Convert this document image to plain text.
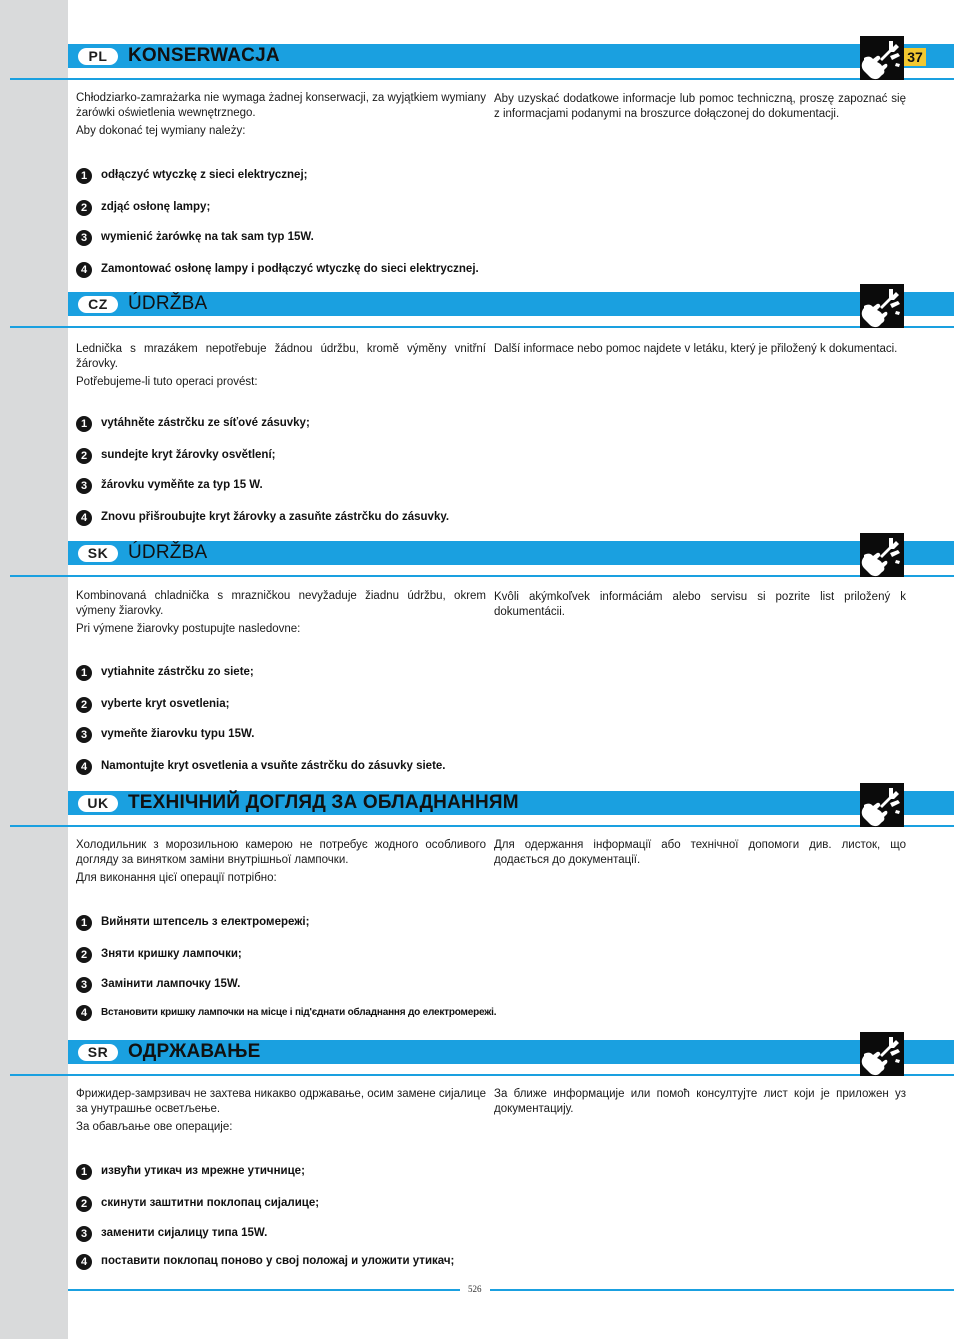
PL	KONSERWACJA	37

Chłodziarko-zamrażarka nie wymaga żadnej konserwacji, za wyjątkiem wymiany żarówki oświetlenia wewnętrznego.

Aby dokonać tej wymiany należy:

Aby uzyskać dodatkowe informacje lub pomoc techniczną, proszę zapoznać się z informacjami podanymi na broszurce dołączonej do dokumentacji.

1	odłączyć wtyczkę z sieci elektrycznej;
2	zdjąć osłonę lampy;
3	wymienić żarówkę na tak sam typ 15W.
4	Zamontować osłonę lampy i podłączyć wtyczkę do sieci elektrycznej.
CZ	ÚDRŽBA

Lednička s mrazákem nepotřebuje žádnou údržbu, kromě výměny vnitřní žárovky.

Potřebujeme-li tuto operaci provést:

Další informace nebo pomoc najdete v letáku, který je přiložený k dokumentaci.

1	vytáhněte zástrčku ze síťové zásuvky;
2	sundejte kryt žárovky osvětlení;
3	žárovku vyměňte za typ 15 W.
4	Znovu přišroubujte kryt žárovky a zasuňte zástrčku do zásuvky.
SK	ÚDRŽBA

Kombinovaná chladnička s mrazničkou nevyžaduje žiadnu údržbu, okrem výmeny žiarovky.

Pri výmene žiarovky postupujte nasledovne:

Kvôli akýmkoľvek informáciám alebo servisu si pozrite list priložený k dokumentácii.

1	vytiahnite zástrčku zo siete;
2	vyberte kryt osvetlenia;
3	vymeňte žiarovku typu 15W.
4	Namontujte kryt osvetlenia a vsuňte zástrčku do zásuvky siete.
UK	ТЕХНІЧНИЙ ДОГЛЯД ЗА ОБЛАДНАННЯМ

Холодильник з морозильною камерою не потребує жодного особливого догляду за винятком заміни внутрішньої лампочки.

Для виконання цієї операції потрібно:

Для одержання інформації або технічної допомоги див. листок, що додається до документації.

1	Вийняти штепсель з електромережі;
2	Зняти кришку лампочки;
3	Замінити лампочку 15W.
4	Встановити кришку лампочки на місце і під'єднати обладнання до електромережі.
SR	ОДРЖАВАЊЕ

Фрижидер-замрзивач не захтева никакво одржавање, осим замене сијалице за унутрашње осветљење.

За обављање ове операције:

За ближе информације или помоћ консултујте лист који је приложен уз документацију.

1	извући утикач из мрежне утичнице;
2	скинути заштитни поклопац сијалице;
3	заменити сијалицу типа 15W.
4	поставити поклопац поново у свој положај и уложити утикач;
526
